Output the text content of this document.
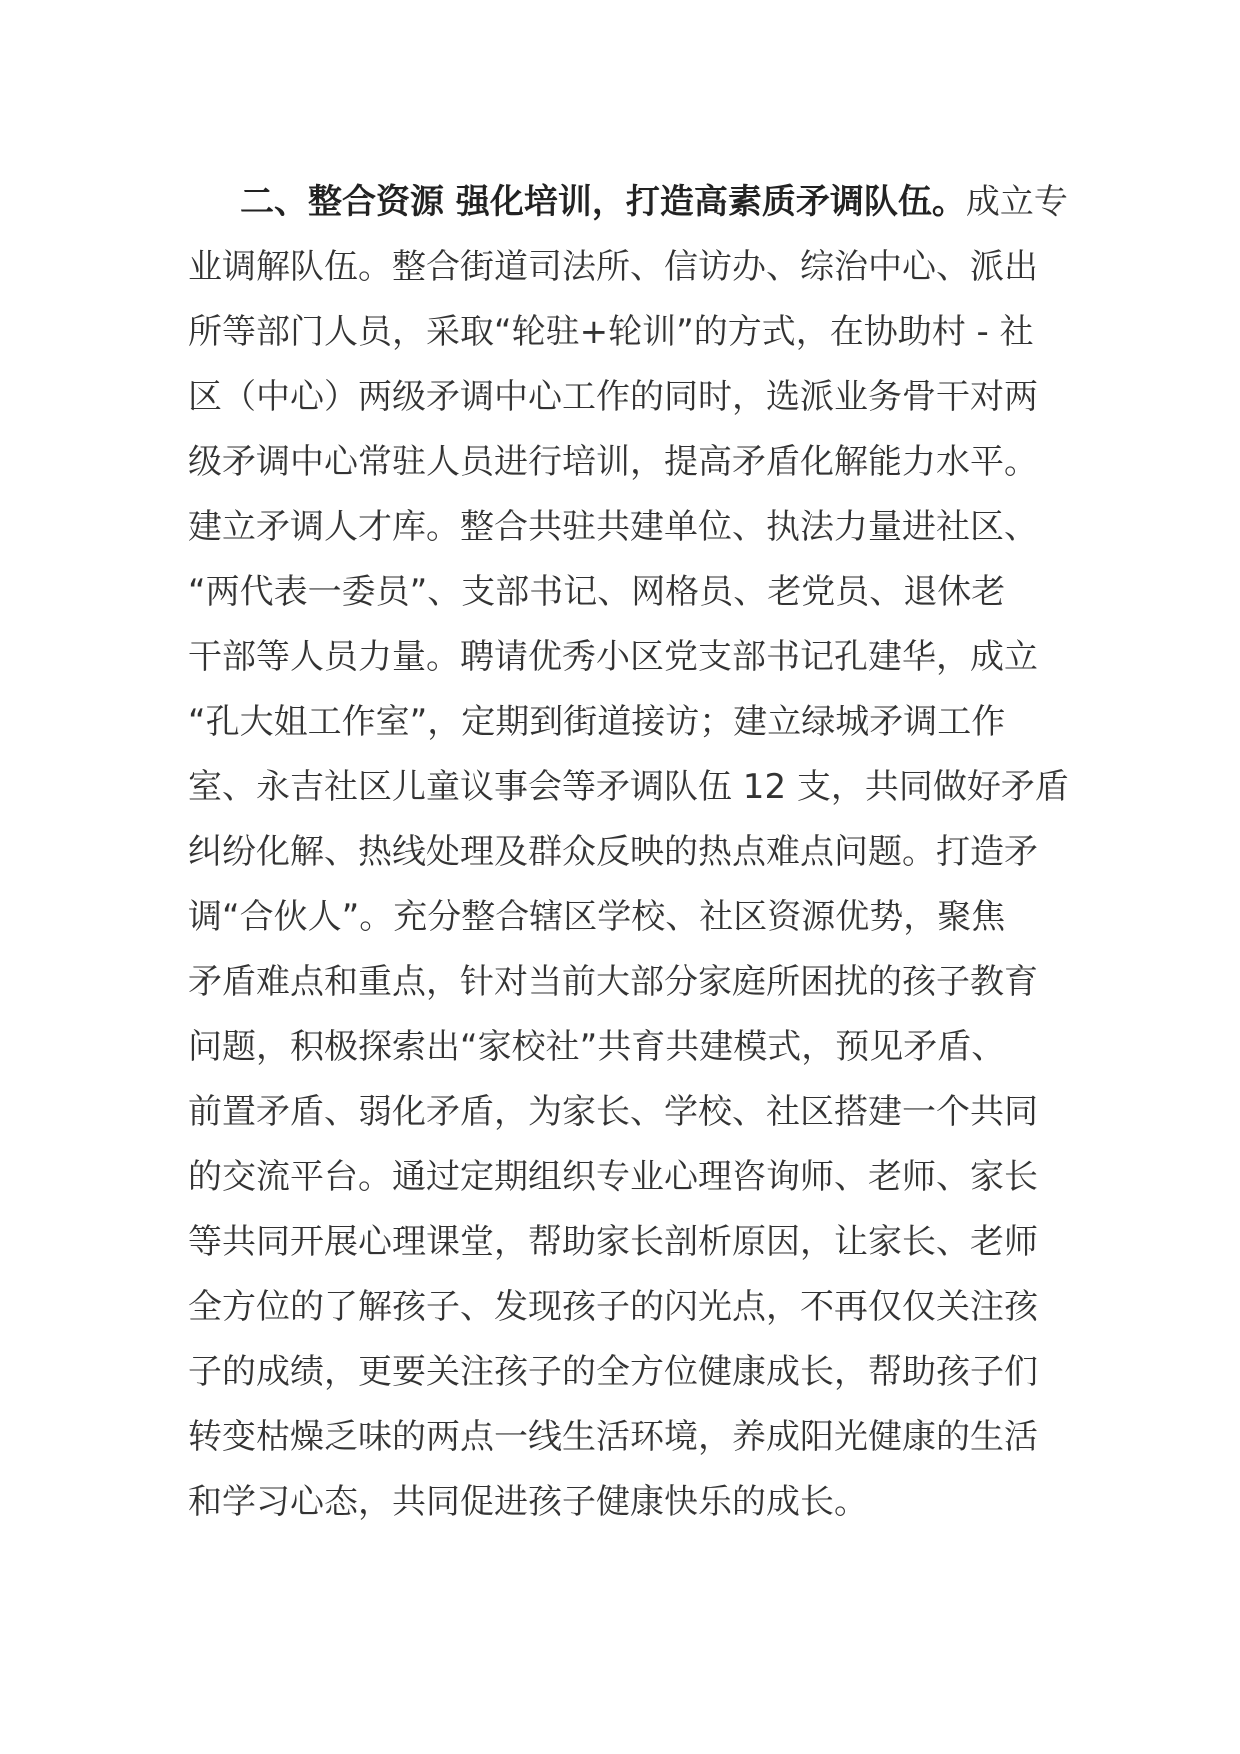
二、整合资源 强化培训，打造高素质矛调队伍。成立专
业调解队伍。整合街道司法所、信访办、综治中心、派出
所等部门人员，采取“轮驻+轮训”的方式，在协助村 - 社
区（中心）两级矛调中心工作的同时，选派业务骨干对两
级矛调中心常驻人员进行培训，提高矛盾化解能力水平。
建立矛调人才库。整合共驻共建单位、执法力量进社区、
“两代表一委员”、支部书记、网格员、老党员、退休老
干部等人员力量。聘请优秀小区党支部书记孔建华，成立
“孔大姐工作室”，定期到街道接访；建立绿城矛调工作
室、永吉社区儿童议事会等矛调队伍 12 支，共同做好矛盾
纠纷化解、热线处理及群众反映的热点难点问题。打造矛
调“合伙人”。充分整合辖区学校、社区资源优势，聚焦
矛盾难点和重点，针对当前大部分家庭所困扰的孩子教育
问题，积极探索出“家校社”共育共建模式，预见矛盾、
前置矛盾、弱化矛盾，为家长、学校、社区搭建一个共同
的交流平台。通过定期组织专业心理咨询师、老师、家长
等共同开展心理课堂，帮助家长剖析原因，让家长、老师
全方位的了解孩子、发现孩子的闪光点，不再仅仅关注孩
子的成绩，更要关注孩子的全方位健康成长，帮助孩子们
转变枯燥乏味的两点一线生活环境，养成阳光健康的生活
和学习心态，共同促进孩子健康快乐的成长。
